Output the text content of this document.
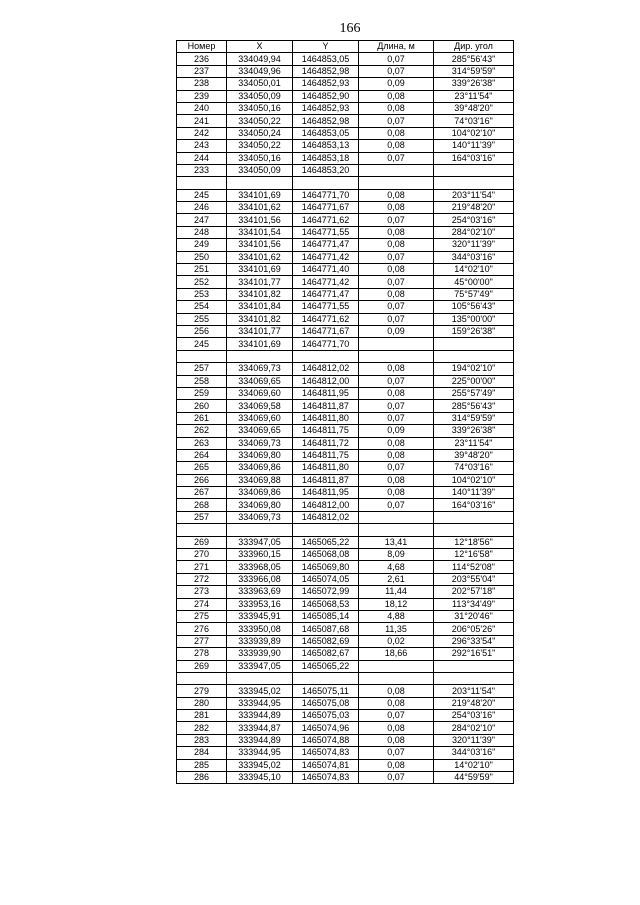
166
Номер	X	Y	Длина, м	Дир. угол
236	334049,94	1464853,05	0,07	285°56'43"
237	334049,96	1464852,98	0,07	314°59'59"
238	334050,01	1464852,93	0,09	339°26'38"
239	334050,09	1464852,90	0,08	23°11'54"
240	334050,16	1464852,93	0,08	39°48'20"
241	334050,22	1464852,98	0,07	74°03'16"
242	334050,24	1464853,05	0,08	104°02'10"
243	334050,22	1464853,13	0,08	140°11'39"
244	334050,16	1464853,18	0,07	164°03'16"
233	334050,09	1464853,20		

245	334101,69	1464771,70	0,08	203°11'54"
246	334101,62	1464771,67	0,08	219°48'20"
247	334101,56	1464771,62	0,07	254°03'16"
248	334101,54	1464771,55	0,08	284°02'10"
249	334101,56	1464771,47	0,08	320°11'39"
250	334101,62	1464771,42	0,07	344°03'16"
251	334101,69	1464771,40	0,08	14°02'10"
252	334101,77	1464771,42	0,07	45°00'00"
253	334101,82	1464771,47	0,08	75°57'49"
254	334101,84	1464771,55	0,07	105°56'43"
255	334101,82	1464771,62	0,07	135°00'00"
256	334101,77	1464771,67	0,09	159°26'38"
245	334101,69	1464771,70		

257	334069,73	1464812,02	0,08	194°02'10"
258	334069,65	1464812,00	0,07	225°00'00"
259	334069,60	1464811,95	0,08	255°57'49"
260	334069,58	1464811,87	0,07	285°56'43"
261	334069,60	1464811,80	0,07	314°59'59"
262	334069,65	1464811,75	0,09	339°26'38"
263	334069,73	1464811,72	0,08	23°11'54"
264	334069,80	1464811,75	0,08	39°48'20"
265	334069,86	1464811,80	0,07	74°03'16"
266	334069,88	1464811,87	0,08	104°02'10"
267	334069,86	1464811,95	0,08	140°11'39"
268	334069,80	1464812,00	0,07	164°03'16"
257	334069,73	1464812,02		

269	333947,05	1465065,22	13,41	12°18'56"
270	333960,15	1465068,08	8,09	12°16'58"
271	333968,05	1465069,80	4,68	114°52'08"
272	333966,08	1465074,05	2,61	203°55'04"
273	333963,69	1465072,99	11,44	202°57'18"
274	333953,16	1465068,53	18,12	113°34'49"
275	333945,91	1465085,14	4,88	31°20'46"
276	333950,08	1465087,68	11,35	206°05'26"
277	333939,89	1465082,69	0,02	296°33'54"
278	333939,90	1465082,67	18,66	292°16'51"
269	333947,05	1465065,22		

279	333945,02	1465075,11	0,08	203°11'54"
280	333944,95	1465075,08	0,08	219°48'20"
281	333944,89	1465075,03	0,07	254°03'16"
282	333944,87	1465074,96	0,08	284°02'10"
283	333944,89	1465074,88	0,08	320°11'39"
284	333944,95	1465074,83	0,07	344°03'16"
285	333945,02	1465074,81	0,08	14°02'10"
286	333945,10	1465074,83	0,07	44°59'59"
